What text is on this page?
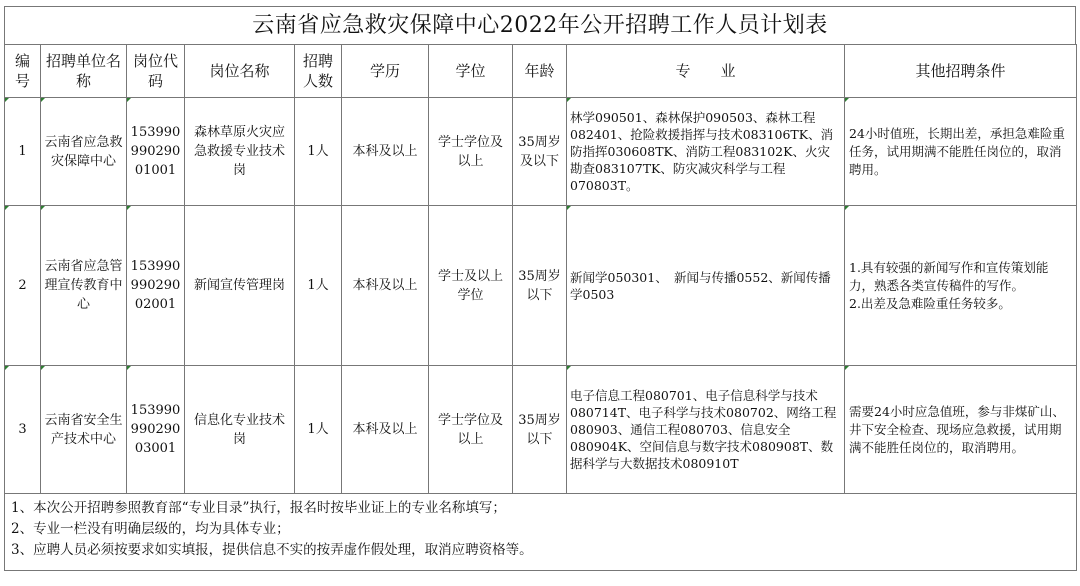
云南省应急救灾保障中心2022年公开招聘工作人员计划表
编号	招聘单位名称	岗位代码	岗位名称	招聘人数	学历	学位	年龄	专　　业	其他招聘条件
1	云南省应急救灾保障中心	15399099029001001	森林草原火灾应急救援专业技术岗	1人	本科及以上	学士学位及以上	35周岁及以下	林学090501、森林保护090503、森林工程082401、抢险救援指挥与技术083106TK、消防指挥030608TK、消防工程083102K、火灾勘查083107TK、防灾减灾科学与工程070803T。	24小时值班，长期出差，承担急难险重任务，试用期满不能胜任岗位的，取消聘用。

2	云南省应急管理宣传教育中心	15399099029002001	新闻宣传管理岗	1人	本科及以上	学士及以上学位	35周岁以下	新闻学050301、　新闻与传播0552、新闻传播学0503	1.具有较强的新闻写作和宣传策划能力，熟悉各类宣传稿件的写作。
2.出差及急难险重任务较多。

3	云南省安全生产技术中心	15399099029003001	信息化专业技术岗	1人	本科及以上	学士学位及以上	35周岁以下	电子信息工程080701、电子信息科学与技术080714T、电子科学与技术080702、网络工程080903、通信工程080703、信息安全080904K、空间信息与数字技术080908T、数据科学与大数据技术080910T	需要24小时应急值班，参与非煤矿山、井下安全检查、现场应急救援，试用期满不能胜任岗位的，取消聘用。

1、本次公开招聘参照教育部“专业目录”执行，报名时按毕业证上的专业名称填写；
2、专业一栏没有明确层级的，均为具体专业；
3、应聘人员必须按要求如实填报，提供信息不实的按弄虚作假处理，取消应聘资格等。									
